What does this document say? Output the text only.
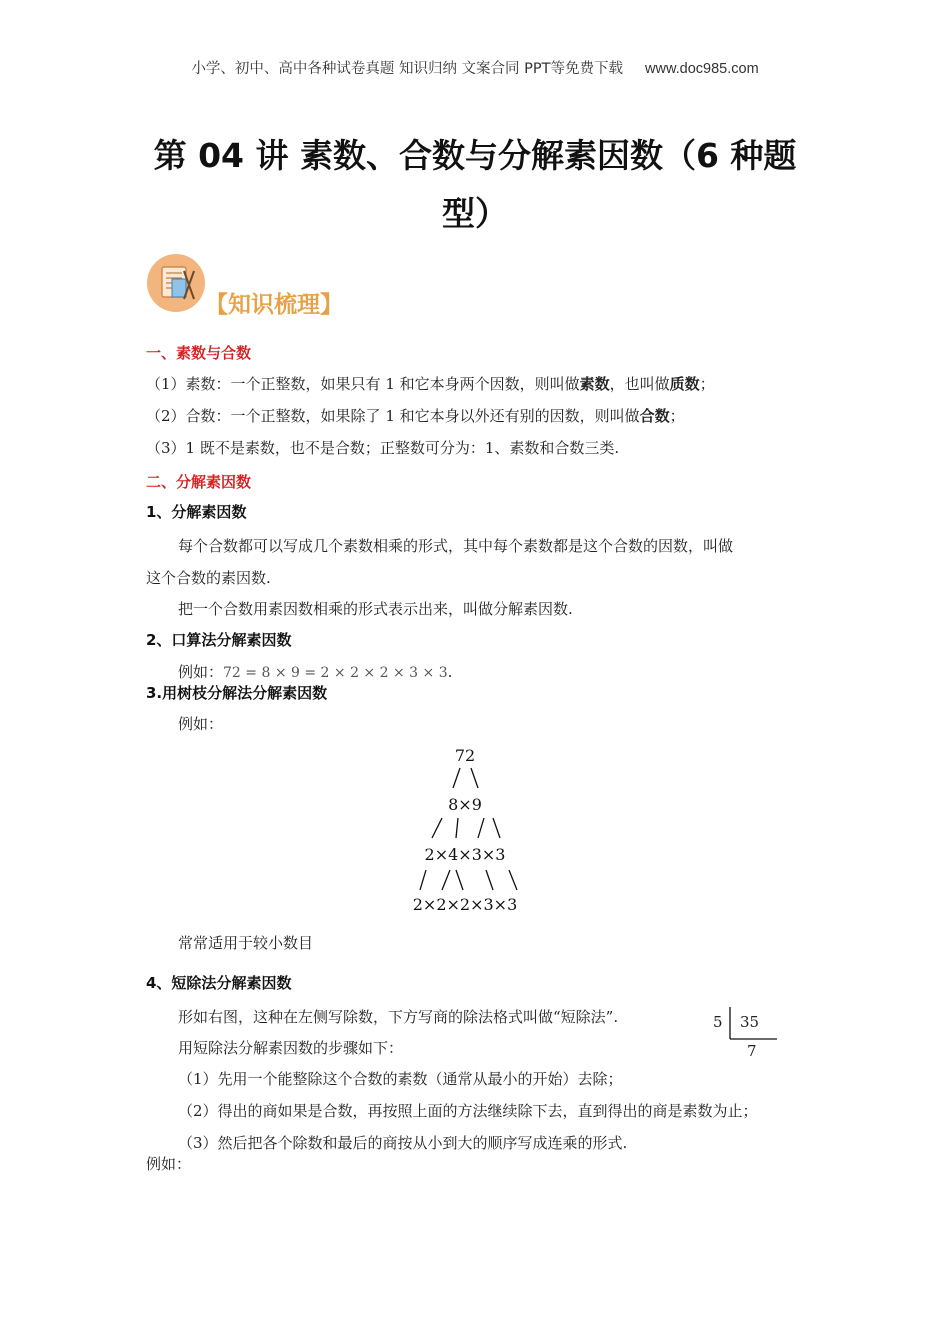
小学、初中、高中各种试卷真题 知识归纳 文案合同 PPT等免费下载 www.doc985.com
第 04 讲 素数、合数与分解素因数（6 种题
型）
【知识梳理】
一、素数与合数
（1）素数：一个正整数，如果只有 1 和它本身两个因数，则叫做素数，也叫做质数；
（2）合数：一个正整数，如果除了 1 和它本身以外还有别的因数，则叫做合数；
（3）1 既不是素数，也不是合数；正整数可分为：1、素数和合数三类.
二、分解素因数
1、分解素因数
每个合数都可以写成几个素数相乘的形式，其中每个素数都是这个合数的因数，叫做
这个合数的素因数.
把一个合数用素因数相乘的形式表示出来，叫做分解素因数.
2、口算法分解素因数
例如：72 = 8 × 9 = 2 × 2 × 2 × 3 × 3.
3.用树枝分解法分解素因数
例如：
72
8×9
2×4×3×3
2×2×2×3×3
常常适用于较小数目
4、短除法分解素因数
形如右图，这种在左侧写除数，下方写商的除法格式叫做“短除法”.	5 35
7
用短除法分解素因数的步骤如下：
（1）先用一个能整除这个合数的素数（通常从最小的开始）去除；
（2）得出的商如果是合数，再按照上面的方法继续除下去，直到得出的商是素数为止；
（3）然后把各个除数和最后的商按从小到大的顺序写成连乘的形式.
例如：
